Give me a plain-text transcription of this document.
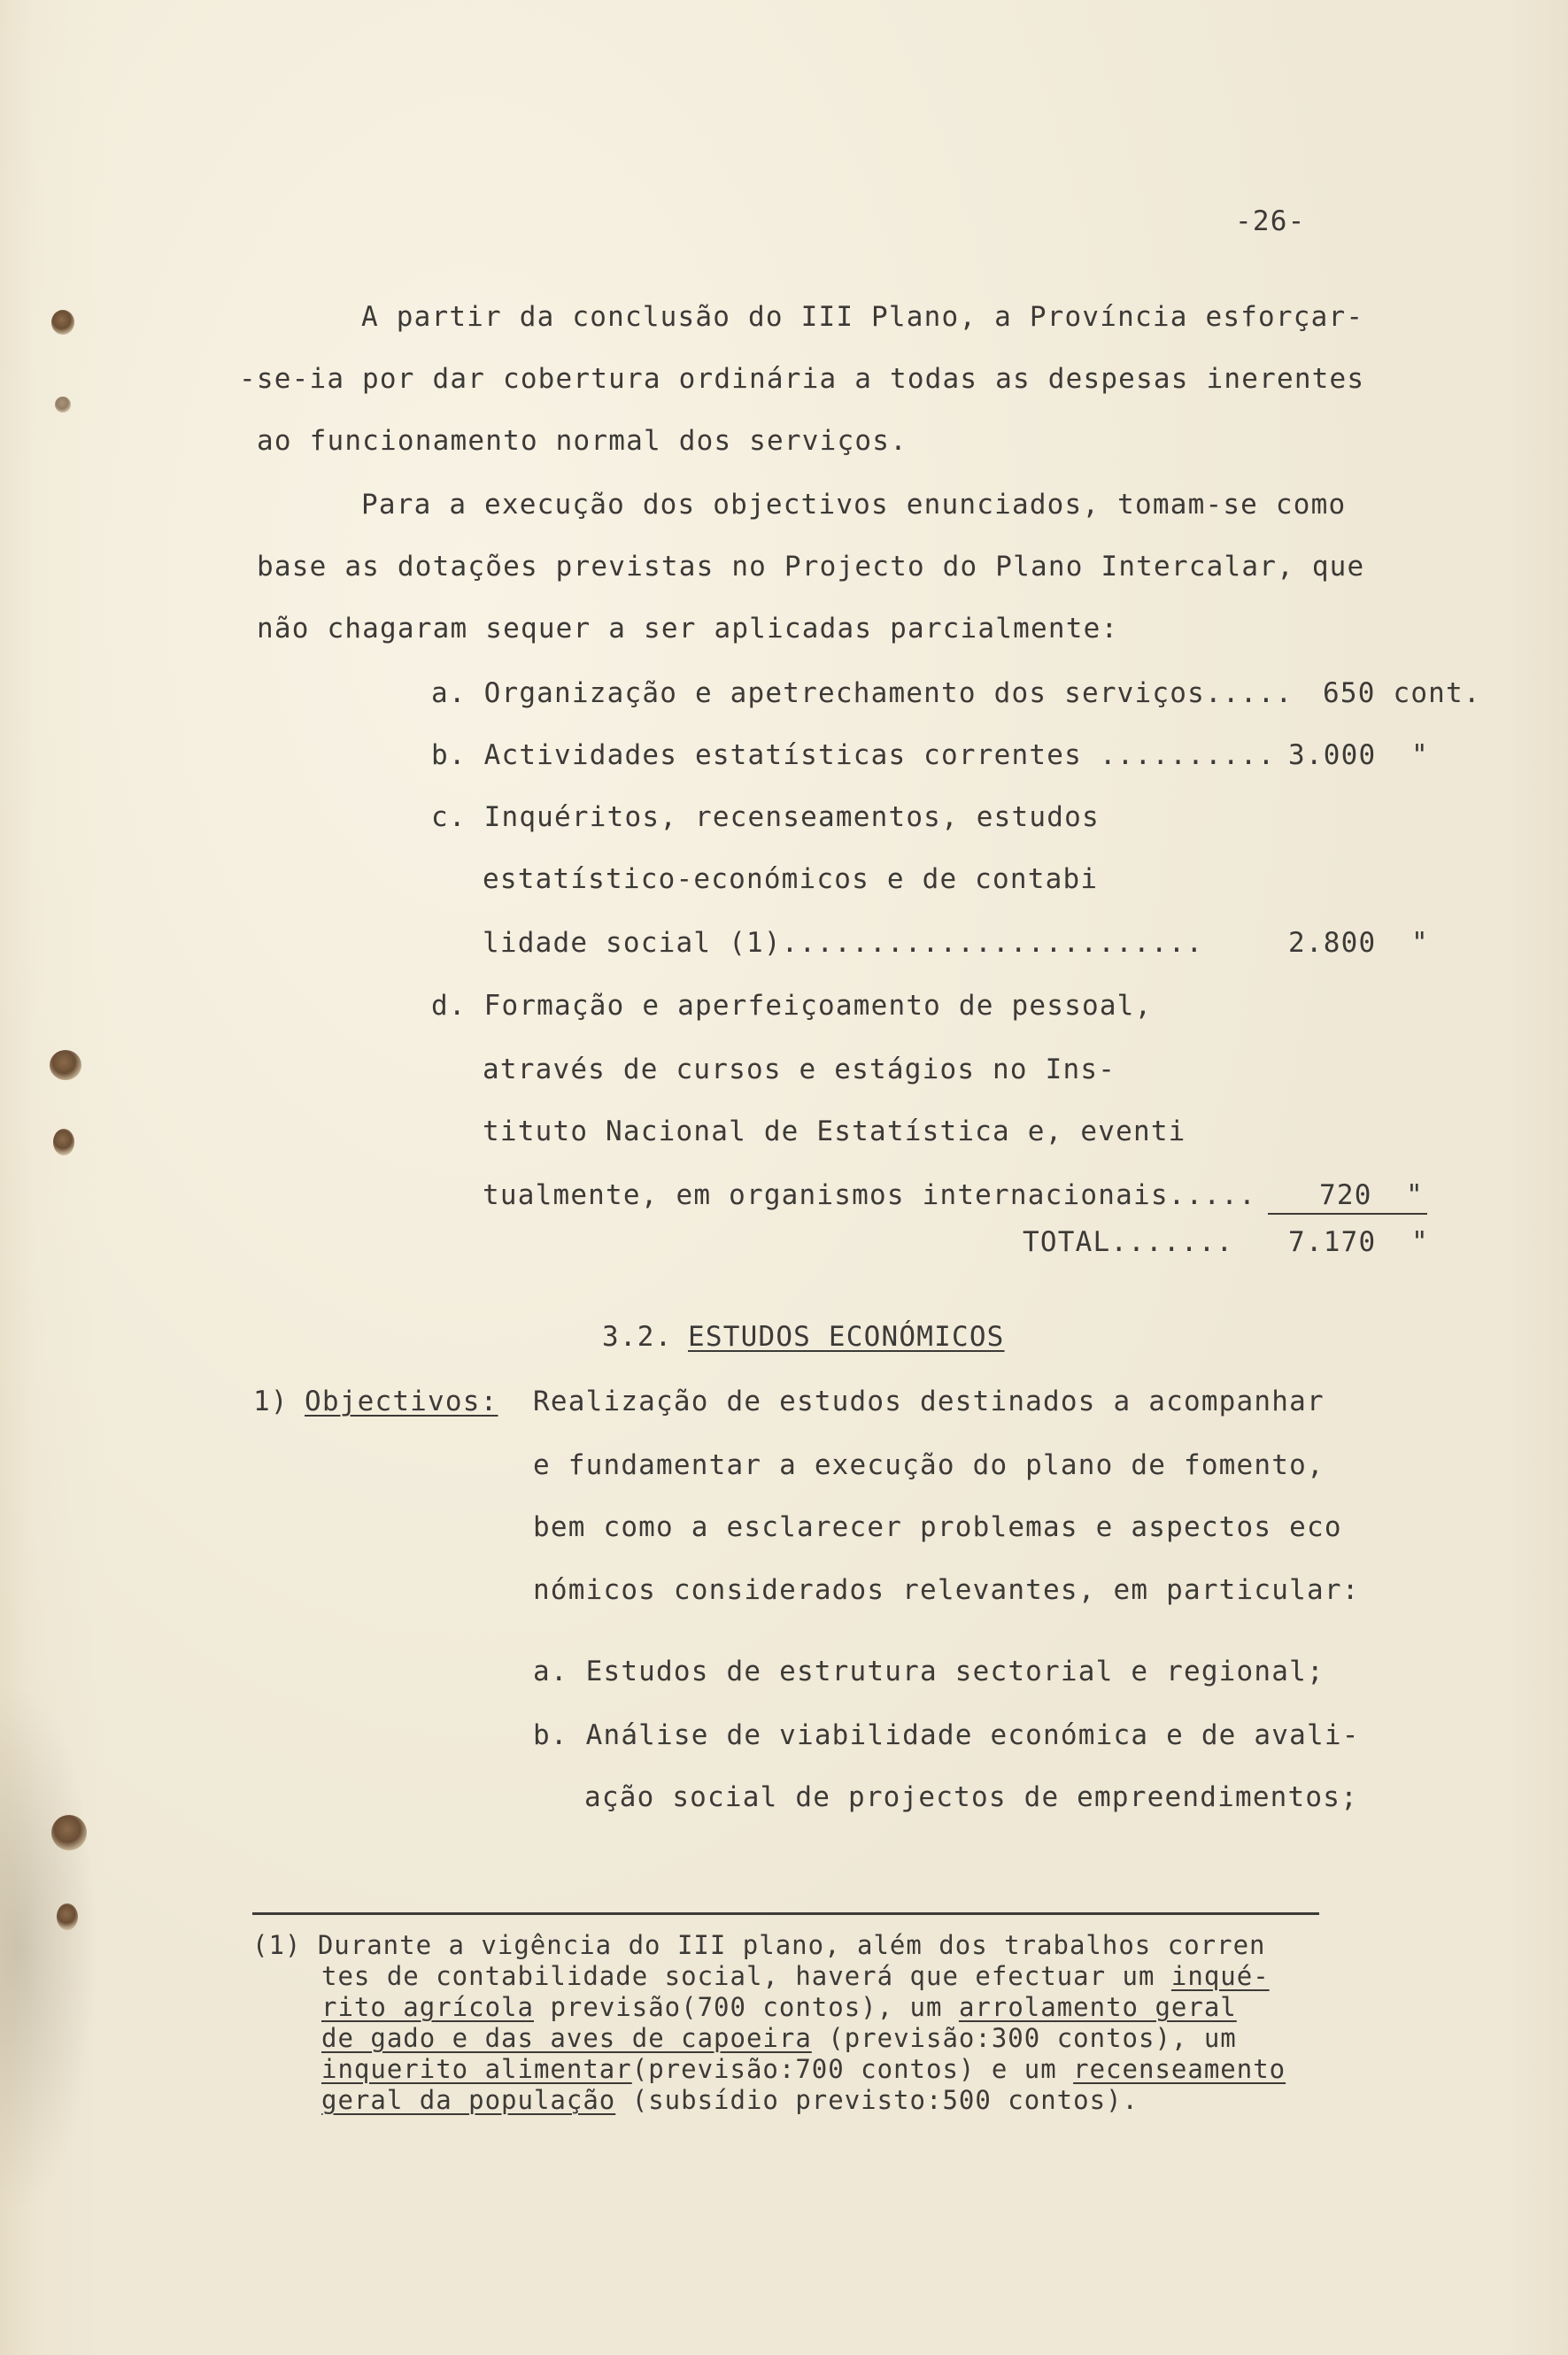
-26-
A partir da conclusão do III Plano, a Província esforçar-
-se-ia por dar cobertura ordinária a todas as despesas inerentes
ao funcionamento normal dos serviços.
Para a execução dos objectivos enunciados, tomam-se como
base as dotações previstas no Projecto do Plano Intercalar, que
não chagaram sequer a ser aplicadas parcialmente:
a. Organização e apetrechamento dos serviços..... 650 cont.
b. Actividades estatísticas correntes .......... 3.000  "
c. Inquéritos, recenseamentos, estudos
estatístico-económicos e de contabi
lidade social (1)........................	2.800  "
d. Formação e aperfeiçoamento de pessoal,
através de cursos e estágios no Ins-
tituto Nacional de Estatística e, eventi
tualmente, em organismos internacionais..... 720 "
TOTAL....... 7.170  "
3.2. ESTUDOS ECONÓMICOS
1)
Objectivos: Realização de estudos destinados a acompanhar
e fundamentar a execução do plano de fomento,
bem como a esclarecer problemas e aspectos eco
nómicos considerados relevantes, em particular:
a. Estudos de estrutura sectorial e regional;
b. Análise de viabilidade económica e de avali-
ação social de projectos de empreendimentos;
(1) Durante a vigência do III plano, além dos trabalhos corren
tes de contabilidade social, haverá que efectuar um inqué-
rito agrícola previsão(700 contos), um arrolamento geral
de gado e das aves de capoeira (previsão:300 contos), um
inquerito alimentar(previsão:700 contos) e um recenseamento
geral da população (subsídio previsto:500 contos).
